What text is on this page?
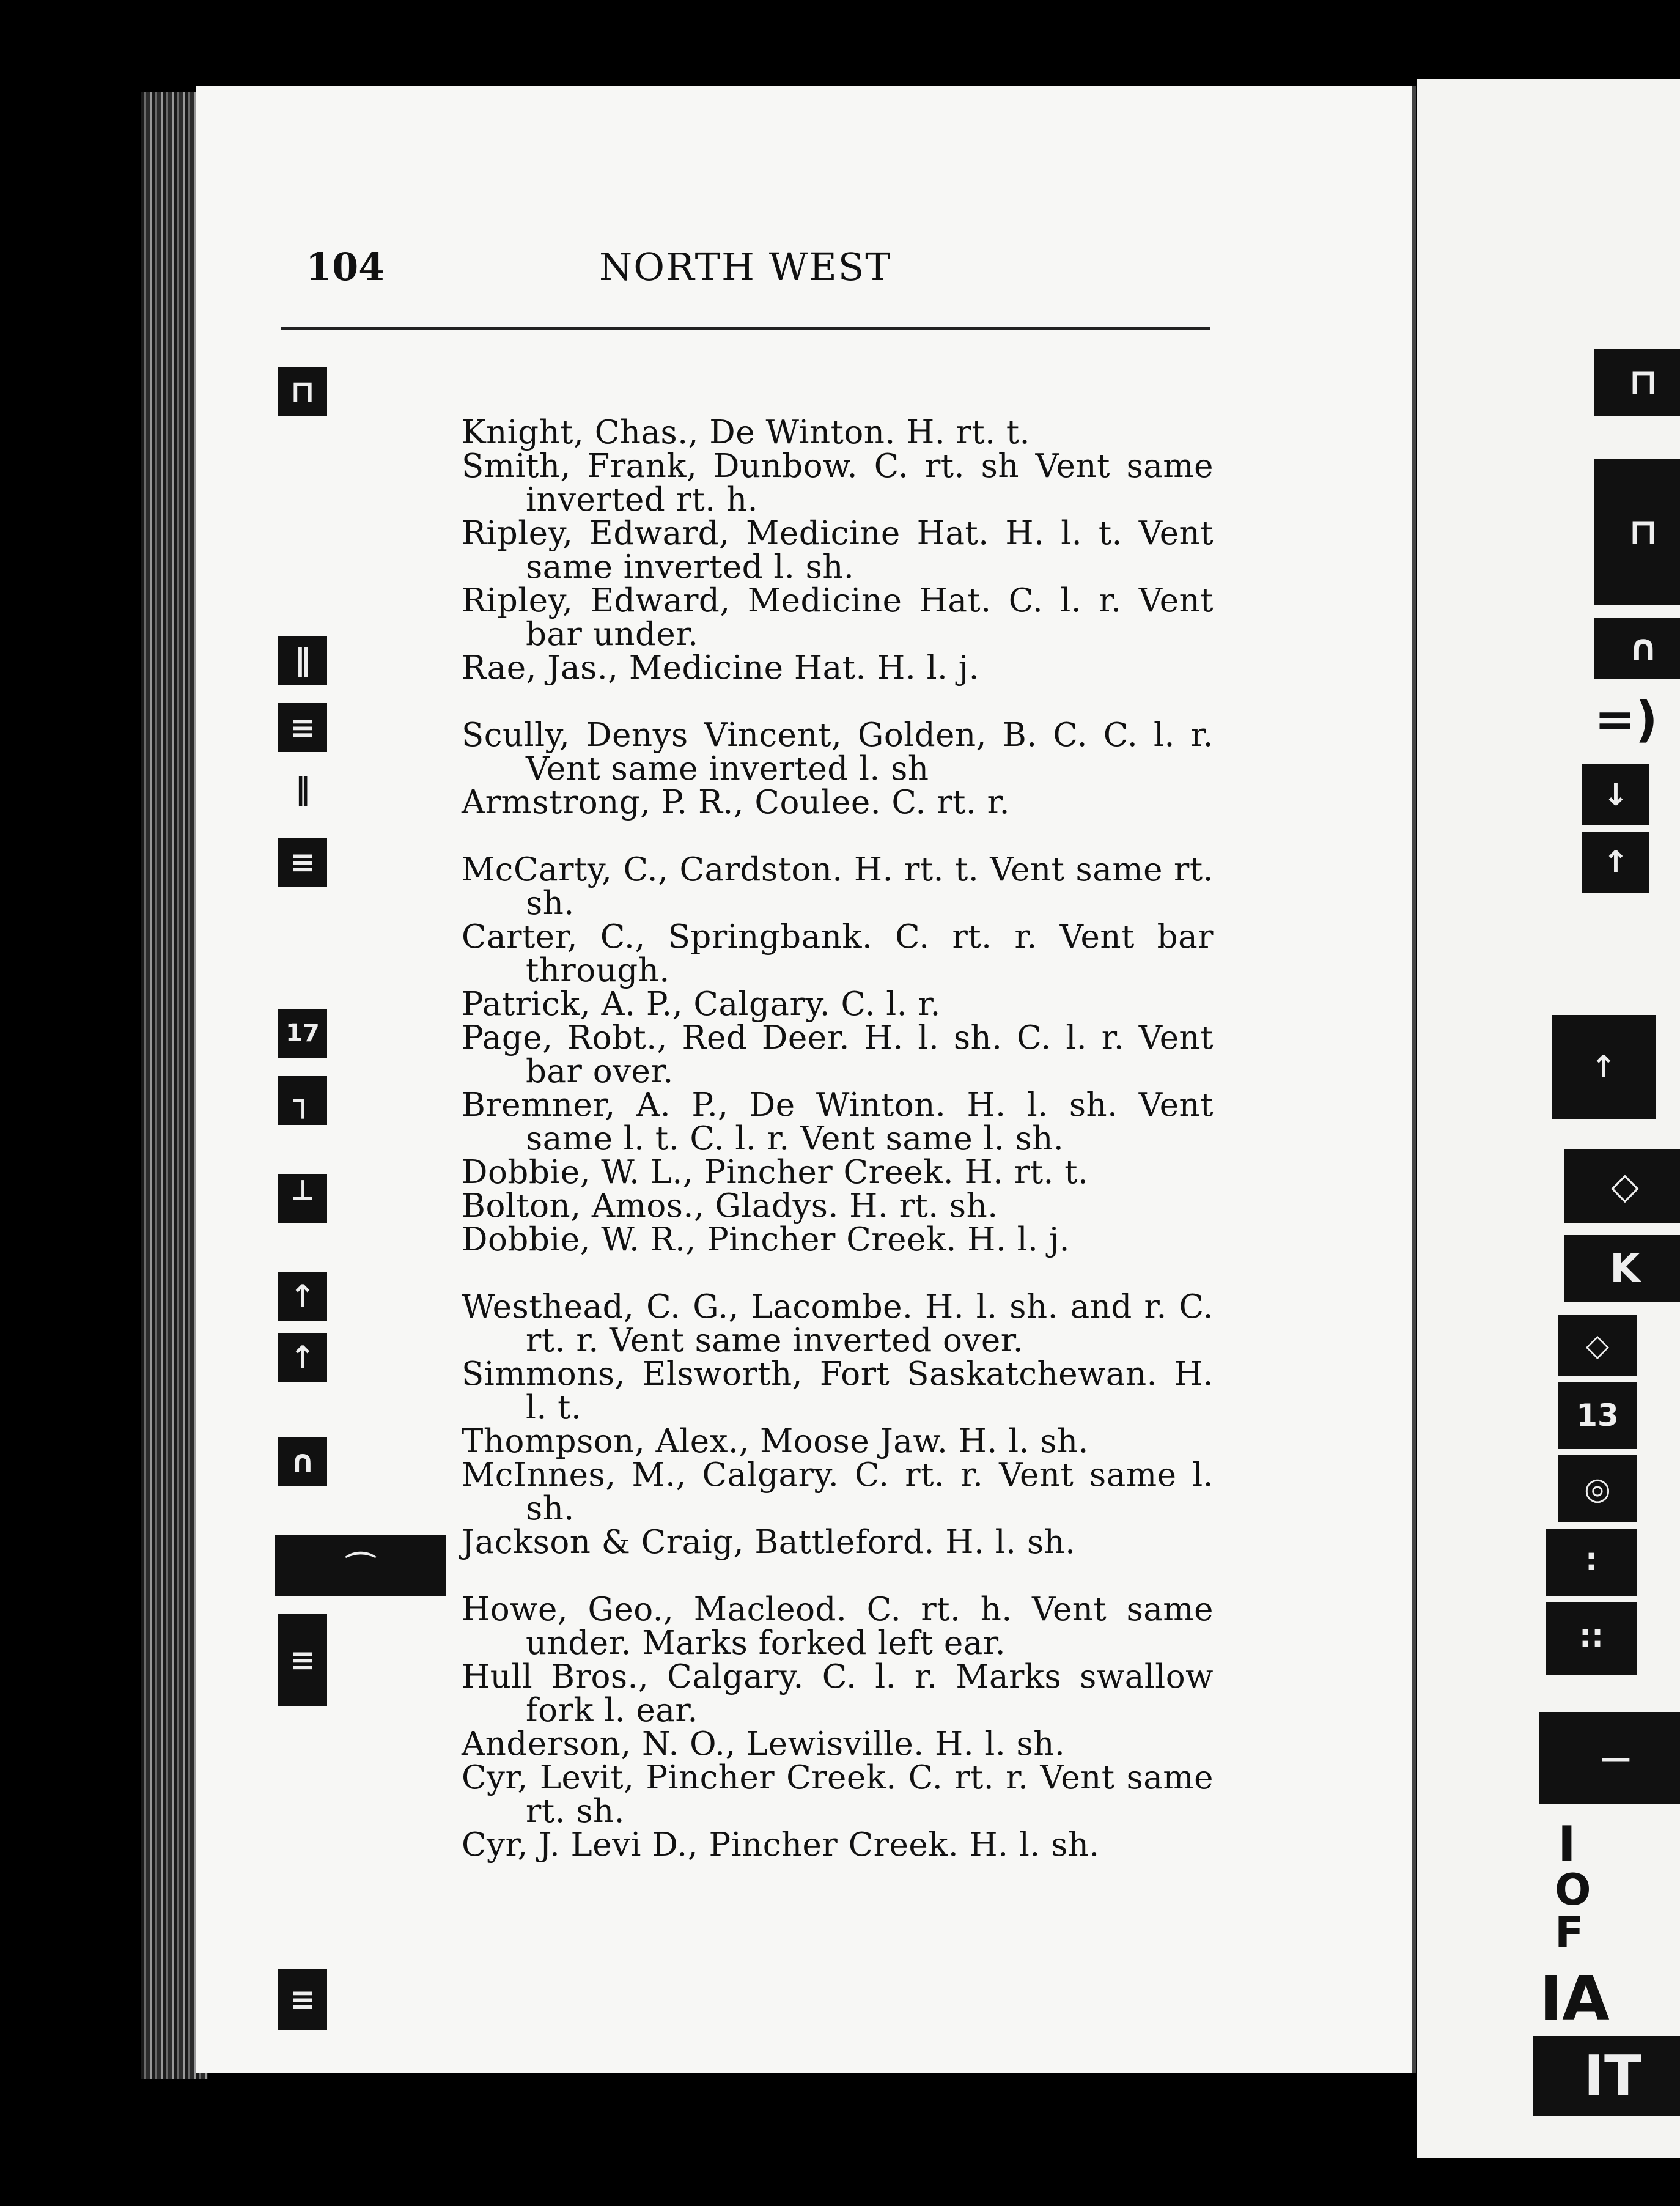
104	NORTH WEST
⊓
∥
≡
‖
≡
17
┐
┴
↑
↑
∩
⌒
≡
≡

Knight, Chas., De Winton. H. rt. t.

Smith, Frank, Dunbow. C. rt. sh Vent same inverted rt. h.

Ripley, Edward, Medicine Hat. H. l. t. Vent same inverted l. sh.

Ripley, Edward, Medicine Hat. C. l. r. Vent bar under.

Rae, Jas., Medicine Hat. H. l. j.

Scully, Denys Vincent, Golden, B. C. C. l. r. Vent same inverted l. sh

Armstrong, P. R., Coulee. C. rt. r.

McCarty, C., Cardston. H. rt. t. Vent same rt. sh.

Carter, C., Springbank. C. rt. r. Vent bar through.

Patrick, A. P., Calgary. C. l. r.

Page, Robt., Red Deer. H. l. sh. C. l. r. Vent bar over.

Bremner, A. P., De Winton. H. l. sh. Vent same l. t. C. l. r. Vent same l. sh.

Dobbie, W. L., Pincher Creek. H. rt. t.

Bolton, Amos., Gladys. H. rt. sh.

Dobbie, W. R., Pincher Creek. H. l. j.

Westhead, C. G., Lacombe. H. l. sh. and r. C. rt. r. Vent same inverted over.

Simmons, Elsworth, Fort Saskatchewan. H. l. t.

Thompson, Alex., Moose Jaw. H. l. sh.

McInnes, M., Calgary. C. rt. r. Vent same l. sh.

Jackson & Craig, Battleford. H. l. sh.

Howe, Geo., Macleod. C. rt. h. Vent same under. Marks forked left ear.

Hull Bros., Calgary. C. l. r. Marks swallow fork l. ear.

Anderson, N. O., Lewisville. H. l. sh.

Cyr, Levit, Pincher Creek. C. rt. r. Vent same rt. sh.

Cyr, J. Levi D., Pincher Creek. H. l. sh.

⊓
⊓
∩
=)
↓
↑
↑
◇
K
◇
13
◎
∶
∷
—
I
O
F
IA
IT
